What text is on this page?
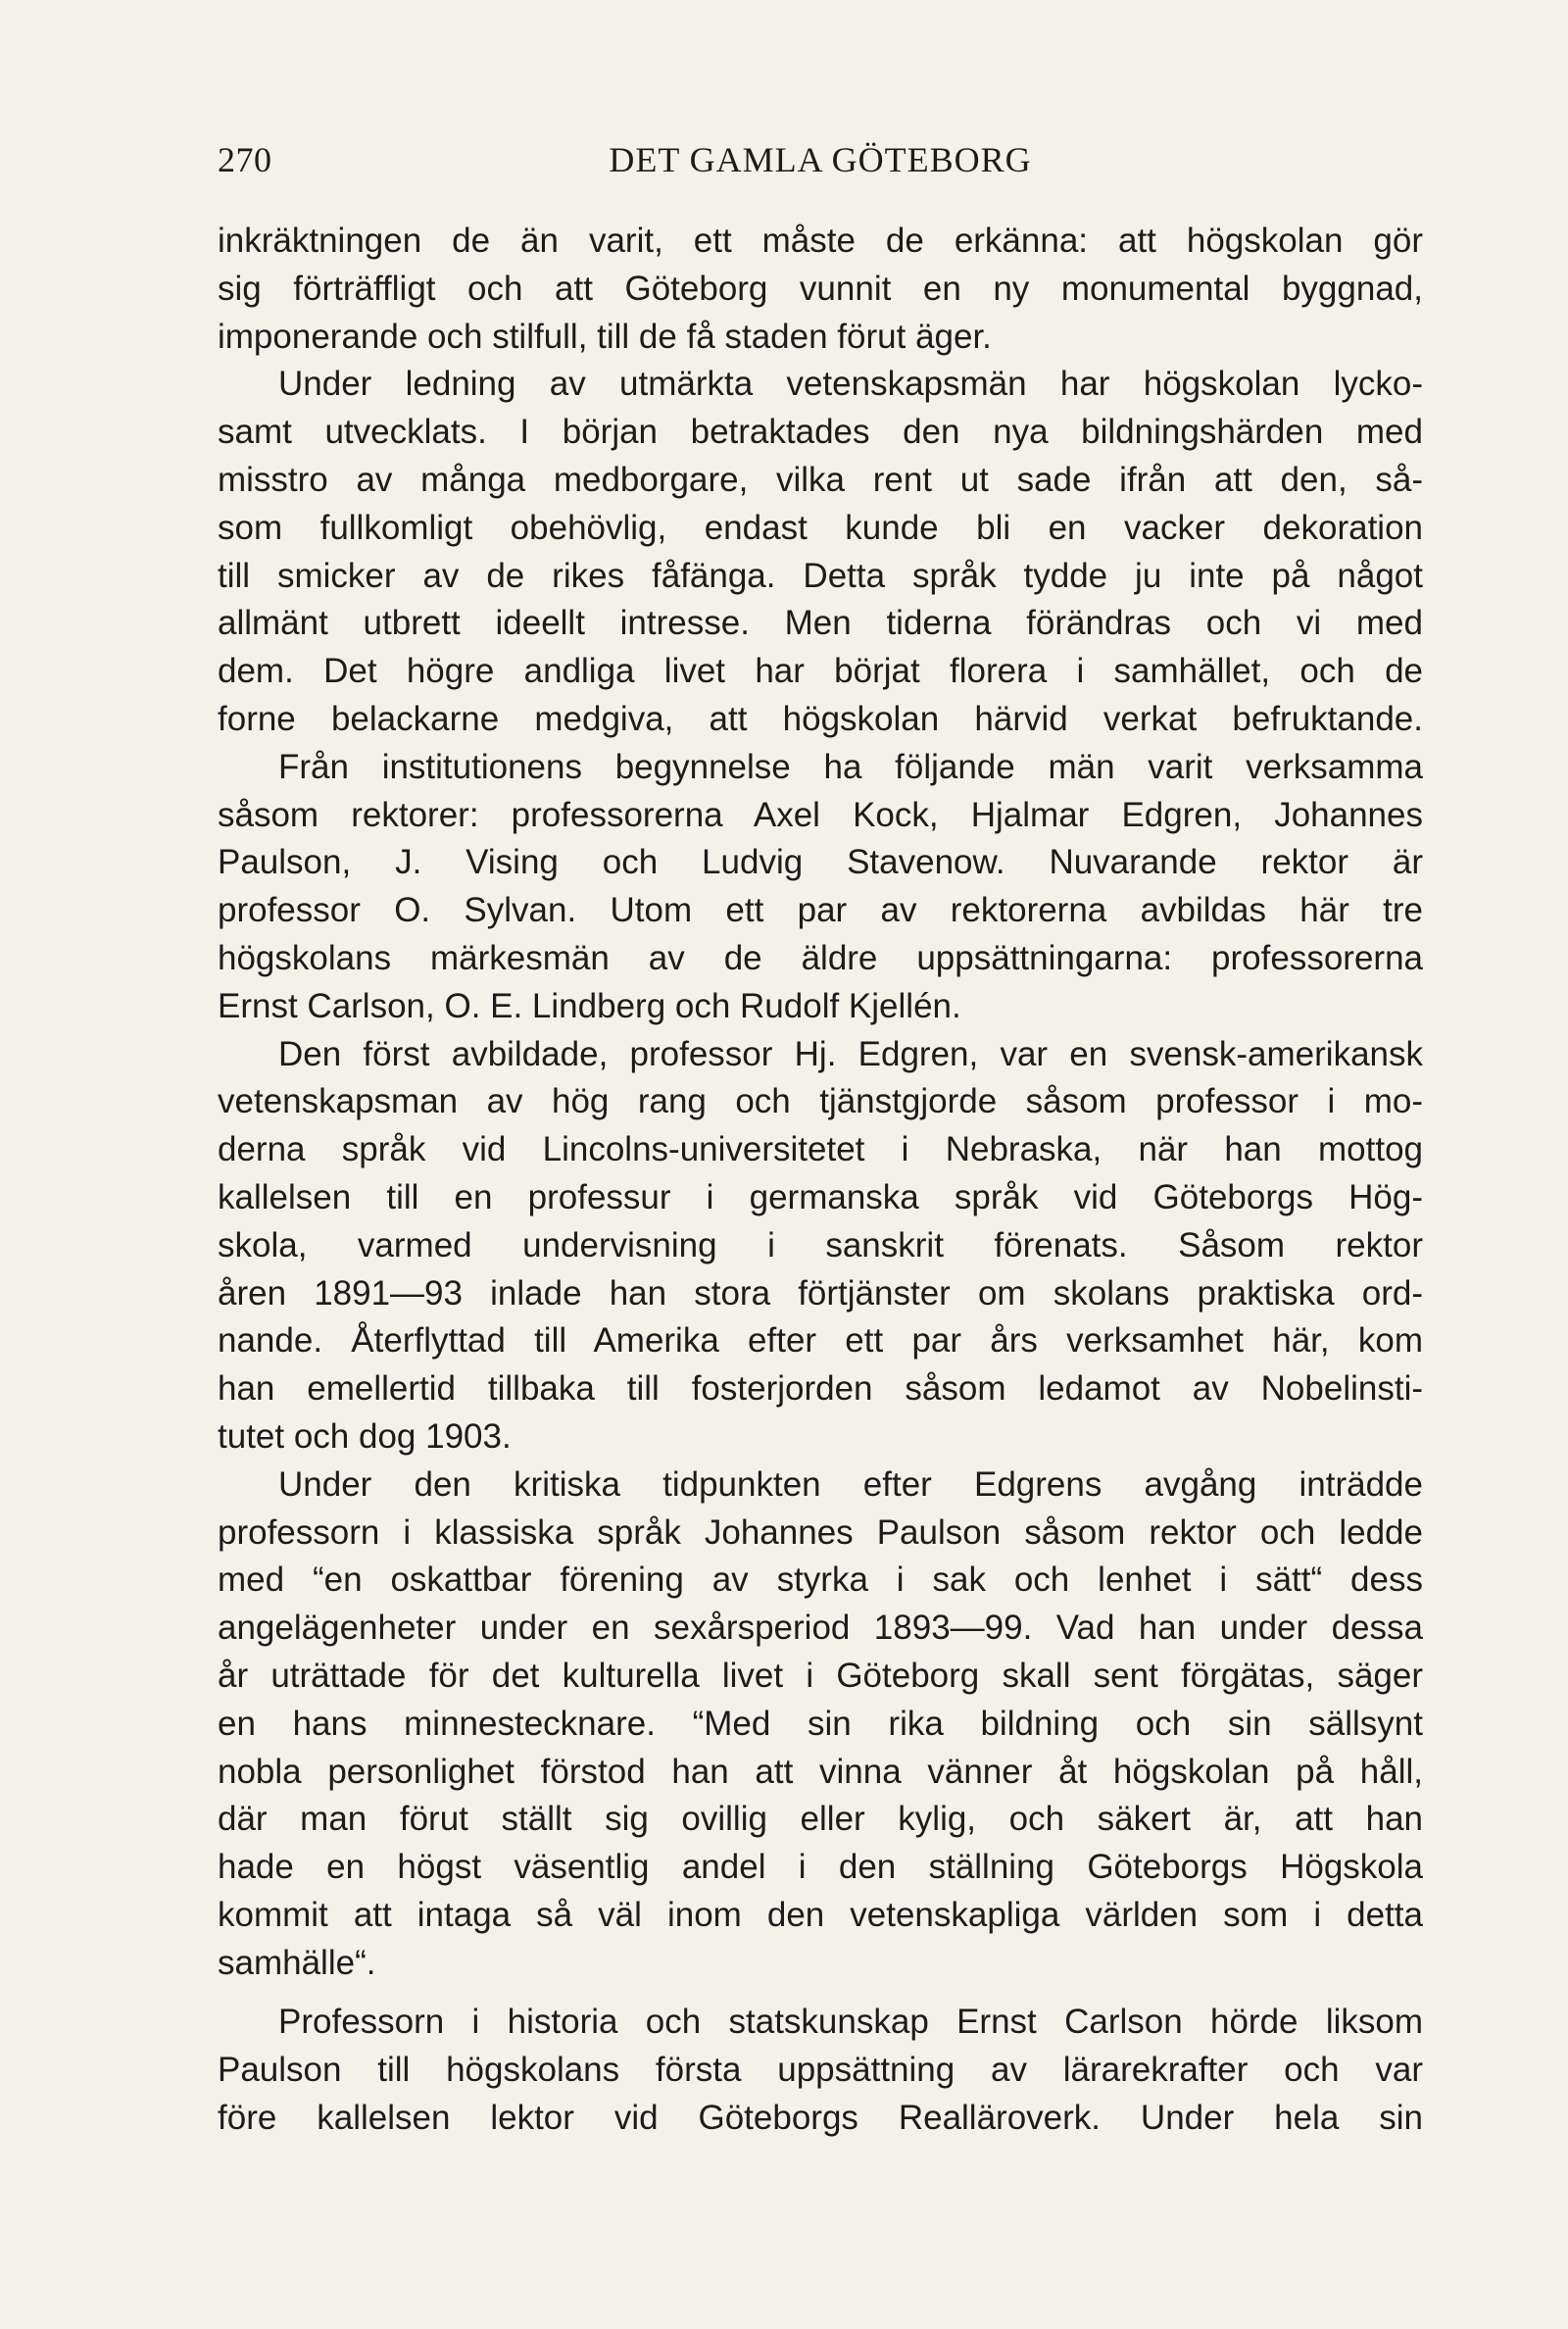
270	DET GAMLA GÖTEBORG

inkräktningen de än varit, ett måste de erkänna: att högskolan gör

sig förträffligt och att Göteborg vunnit en ny monumental byggnad,

imponerande och stilfull, till de få staden förut äger.

Under ledning av utmärkta vetenskapsmän har högskolan lycko-

samt utvecklats. I början betraktades den nya bildningshärden med

misstro av många medborgare, vilka rent ut sade ifrån att den, så-

som fullkomligt obehövlig, endast kunde bli en vacker dekoration

till smicker av de rikes fåfänga. Detta språk tydde ju inte på något

allmänt utbrett ideellt intresse. Men tiderna förändras och vi med

dem. Det högre andliga livet har börjat florera i samhället, och de

forne belackarne medgiva, att högskolan härvid verkat befruktande.

Från institutionens begynnelse ha följande män varit verksamma

såsom rektorer: professorerna Axel Kock, Hjalmar Edgren, Johannes

Paulson, J. Vising och Ludvig Stavenow. Nuvarande rektor är

professor O. Sylvan. Utom ett par av rektorerna avbildas här tre

högskolans märkesmän av de äldre uppsättningarna: professorerna

Ernst Carlson, O. E. Lindberg och Rudolf Kjellén.

Den först avbildade, professor Hj. Edgren, var en svensk-amerikansk

vetenskapsman av hög rang och tjänstgjorde såsom professor i mo-

derna språk vid Lincolns-universitetet i Nebraska, när han mottog

kallelsen till en professur i germanska språk vid Göteborgs Hög-

skola, varmed undervisning i sanskrit förenats. Såsom rektor

åren 1891—93 inlade han stora förtjänster om skolans praktiska ord-

nande. Återflyttad till Amerika efter ett par års verksamhet här, kom

han emellertid tillbaka till fosterjorden såsom ledamot av Nobelinsti-

tutet och dog 1903.

Under den kritiska tidpunkten efter Edgrens avgång inträdde

professorn i klassiska språk Johannes Paulson såsom rektor och ledde

med “en oskattbar förening av styrka i sak och lenhet i sätt“ dess

angelägenheter under en sexårsperiod 1893—99. Vad han under dessa

år uträttade för det kulturella livet i Göteborg skall sent förgätas, säger

en hans minnestecknare. “Med sin rika bildning och sin sällsynt

nobla personlighet förstod han att vinna vänner åt högskolan på håll,

där man förut ställt sig ovillig eller kylig, och säkert är, att han

hade en högst väsentlig andel i den ställning Göteborgs Högskola

kommit att intaga så väl inom den vetenskapliga världen som i detta

samhälle“.

Professorn i historia och statskunskap Ernst Carlson hörde liksom

Paulson till högskolans första uppsättning av lärarekrafter och var

före kallelsen lektor vid Göteborgs Realläroverk. Under hela sin
